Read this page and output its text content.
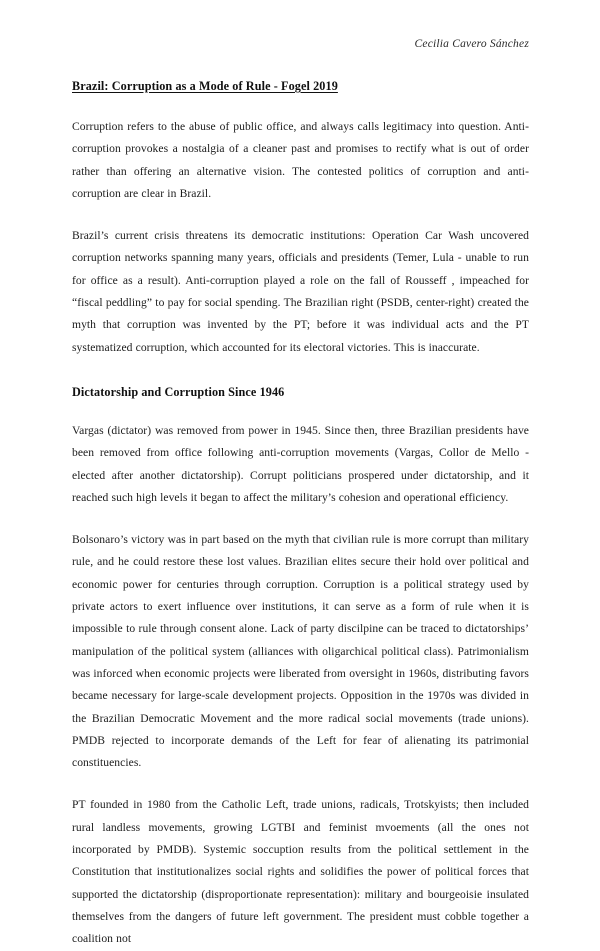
Cecilia Cavero Sánchez
Brazil: Corruption as a Mode of Rule - Fogel 2019

Corruption refers to the abuse of public office, and always calls legitimacy into question. Anti-corruption provokes a nostalgia of a cleaner past and promises to rectify what is out of order rather than offering an alternative vision. The contested politics of corruption and anti-corruption are clear in Brazil.

Brazil’s current crisis threatens its democratic institutions: Operation Car Wash uncovered corruption networks spanning many years, officials and presidents (Temer, Lula - unable to run for office as a result). Anti-corruption played a role on the fall of Rousseff , impeached for “fiscal peddling” to pay for social spending. The Brazilian right (PSDB, center-right) created the myth that corruption was invented by the PT; before it was individual acts and the PT systematized corruption, which accounted for its electoral victories. This is inaccurate.

Dictatorship and Corruption Since 1946

Vargas (dictator) was removed from power in 1945. Since then, three Brazilian presidents have been removed from office following anti-corruption movements (Vargas, Collor de Mello - elected after another dictatorship). Corrupt politicians prospered under dictatorship, and it reached such high levels it began to affect the military’s cohesion and operational efficiency.

Bolsonaro’s victory was in part based on the myth that civilian rule is more corrupt than military rule, and he could restore these lost values. Brazilian elites secure their hold over political and economic power for centuries through corruption. Corruption is a political strategy used by private actors to exert influence over institutions, it can serve as a form of rule when it is impossible to rule through consent alone. Lack of party discilpine can be traced to dictatorships’ manipulation of the political system (alliances with oligarchical political class). Patrimonialism was inforced when economic projects were liberated from oversight in 1960s, distributing favors became necessary for large-scale development projects. Opposition in the 1970s was divided in the Brazilian Democratic Movement and the more radical social movements (trade unions). PMDB rejected to incorporate demands of the Left for fear of alienating its patrimonial constituencies.

PT founded in 1980 from the Catholic Left, trade unions, radicals, Trotskyists; then included rural landless movements, growing LGTBI and feminist mvoements (all the ones not incorporated by PMDB). Systemic soccuption results from the political settlement in the Constitution that institutionalizes social rights and solidifies the power of political forces that supported the dictatorship (disproportionate representation): military and bourgeoisie insulated themselves from the dangers of future left government. The president must cobble together a coalition not
